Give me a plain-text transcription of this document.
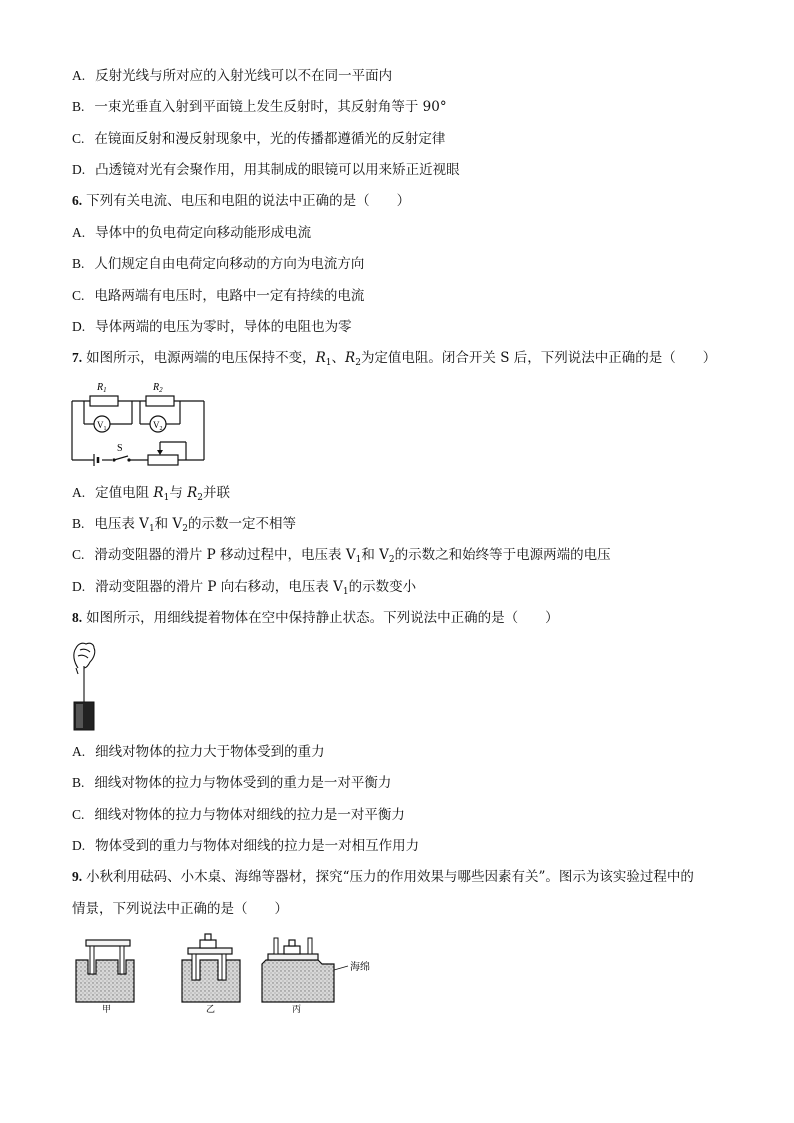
A. 反射光线与所对应的入射光线可以不在同一平面内
B. 一束光垂直入射到平面镜上发生反射时，其反射角等于 90°
C. 在镜面反射和漫反射现象中，光的传播都遵循光的反射定律
D. 凸透镜对光有会聚作用，用其制成的眼镜可以用来矫正近视眼
6. 下列有关电流、电压和电阻的说法中正确的是（　　）
A. 导体中的负电荷定向移动能形成电流
B. 人们规定自由电荷定向移动的方向为电流方向
C. 电路两端有电压时，电路中一定有持续的电流
D. 导体两端的电压为零时，导体的电阻也为零
7. 如图所示，电源两端的电压保持不变，$R_1$、$R_2$为定值电阻。闭合开关 S 后，下列说法中正确的是（　　）
$R_1$	$R_2$
$V_1$	$V_2$
S
A. 定值电阻 $R_1$与 $R_2$并联
B. 电压表 $V_1$和 $V_2$的示数一定不相等
C. 滑动变阻器的滑片 P 移动过程中，电压表 $V_1$和 $V_2$的示数之和始终等于电源两端的电压
D. 滑动变阻器的滑片 P 向右移动，电压表 $V_1$的示数变小
8. 如图所示，用细线提着物体在空中保持静止状态。下列说法中正确的是（　　）
A. 细线对物体的拉力大于物体受到的重力
B. 细线对物体的拉力与物体受到的重力是一对平衡力
C. 细线对物体的拉力与物体对细线的拉力是一对平衡力
D. 物体受到的重力与物体对细线的拉力是一对相互作用力
9. 小秋利用砝码、小木桌、海绵等器材，探究“压力的作用效果与哪些因素有关”。图示为该实验过程中的
情景，下列说法中正确的是（　　）
甲	乙
海绵
丙
